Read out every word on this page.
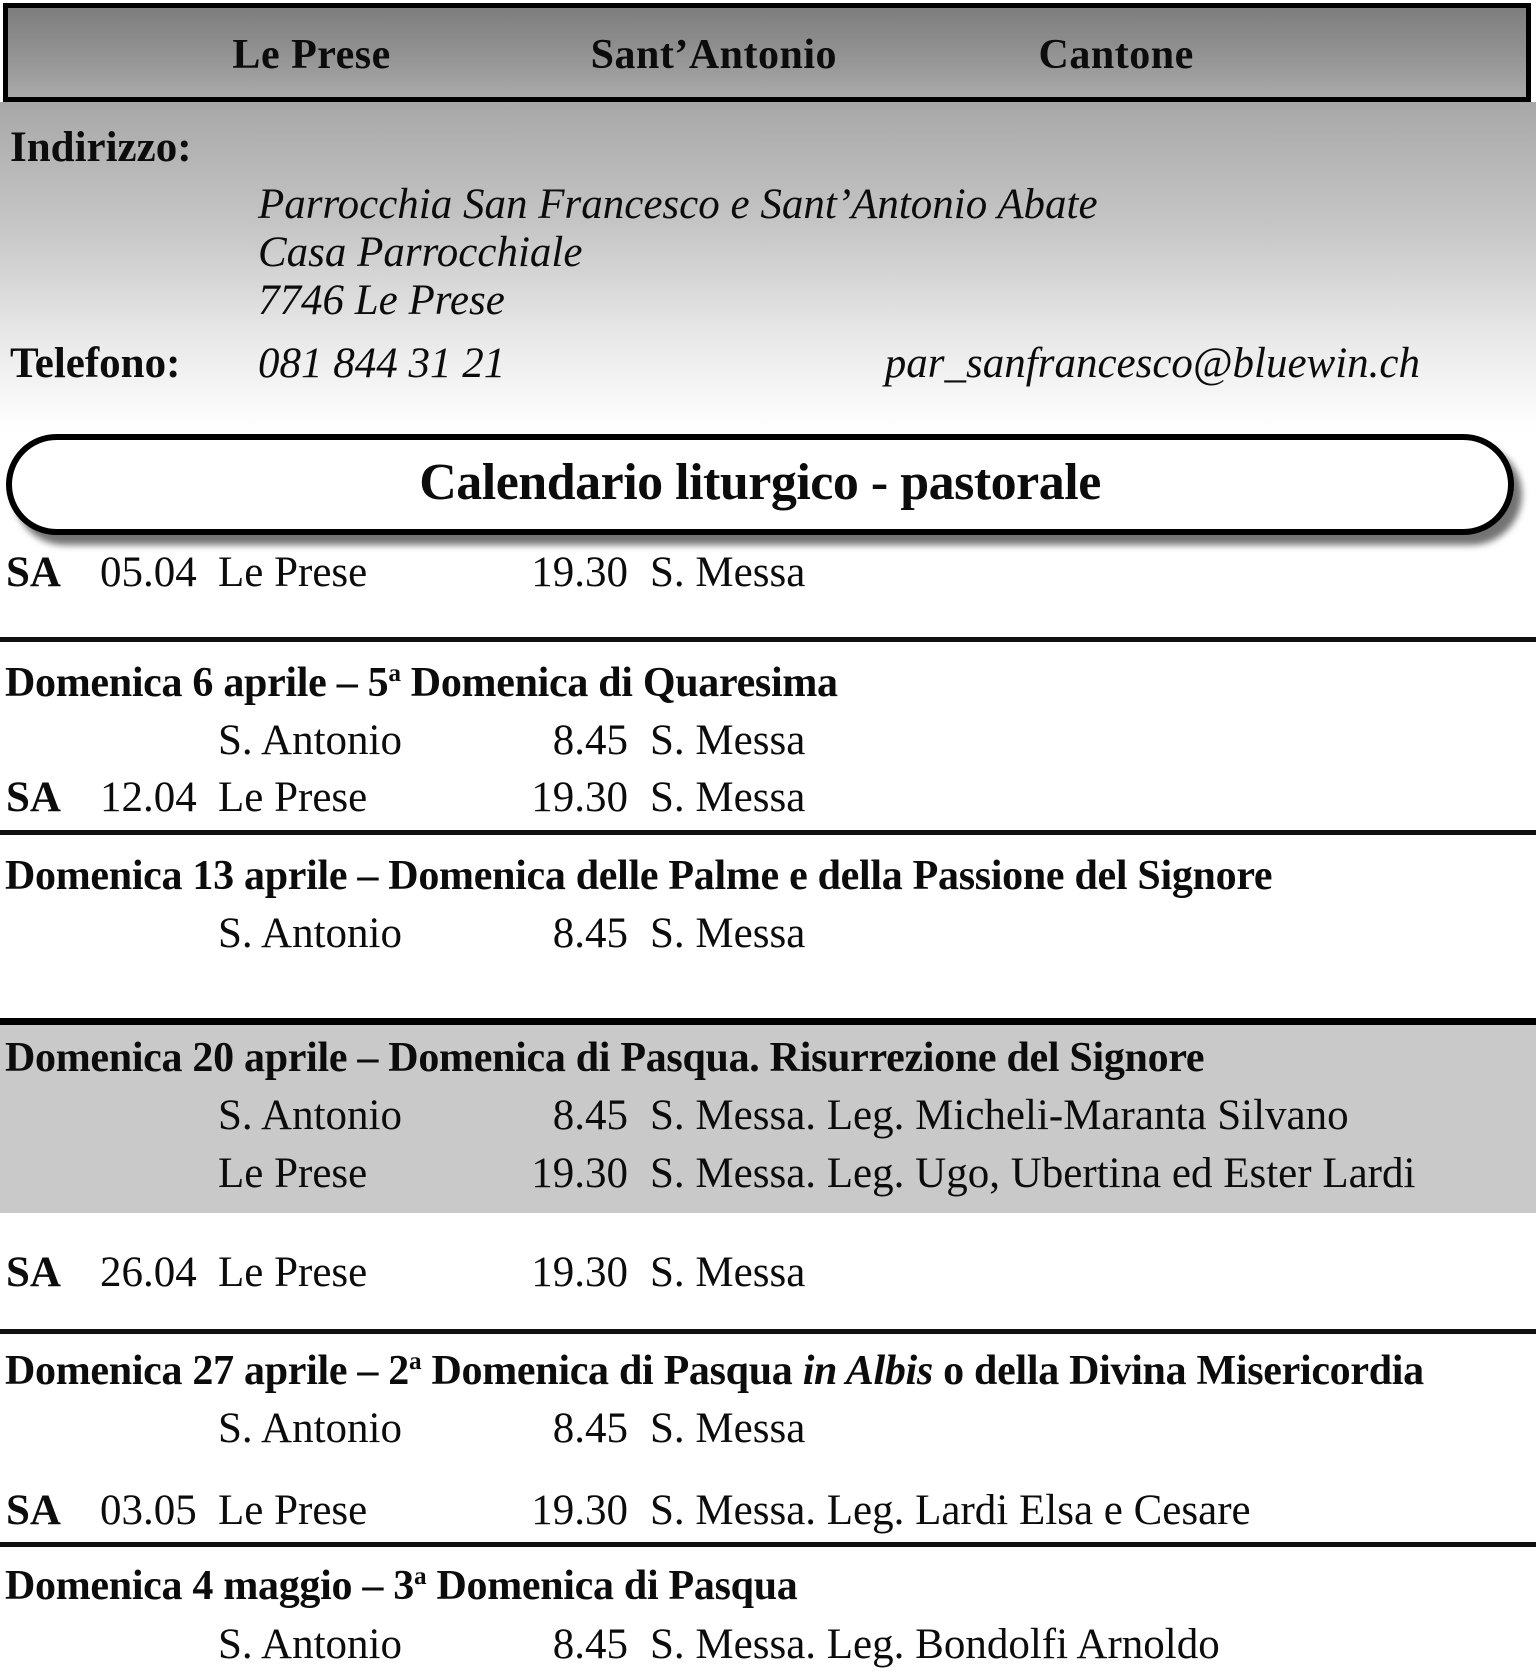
Le Prese	Sant’Antonio	Cantone
Indirizzo:
Parrocchia San Francesco e Sant’Antonio Abate
Casa Parrocchiale
7746 Le Prese
Telefono:	081 844 31 21	par_sanfrancesco@bluewin.ch
Calendario liturgico - pastorale
SA 05.04 Le Prese	19.30 S. Messa
Domenica 6 aprile – 5$^a$ Domenica di Quaresima
S. Antonio	8.45 S. Messa
SA 12.04 Le Prese	19.30 S. Messa
Domenica 13 aprile – Domenica delle Palme e della Passione del Signore
S. Antonio	8.45 S. Messa
Domenica 20 aprile – Domenica di Pasqua. Risurrezione del Signore
S. Antonio	8.45 S. Messa. Leg. Micheli-Maranta Silvano
Le Prese	19.30 S. Messa. Leg. Ugo, Ubertina ed Ester Lardi
SA 26.04 Le Prese	19.30 S. Messa
Domenica 27 aprile – 2$^a$ Domenica di Pasqua in Albis o della Divina Misericordia
S. Antonio	8.45 S. Messa
SA 03.05 Le Prese	19.30 S. Messa. Leg. Lardi Elsa e Cesare
Domenica 4 maggio – 3$^a$ Domenica di Pasqua
S. Antonio	8.45 S. Messa. Leg. Bondolfi Arnoldo
